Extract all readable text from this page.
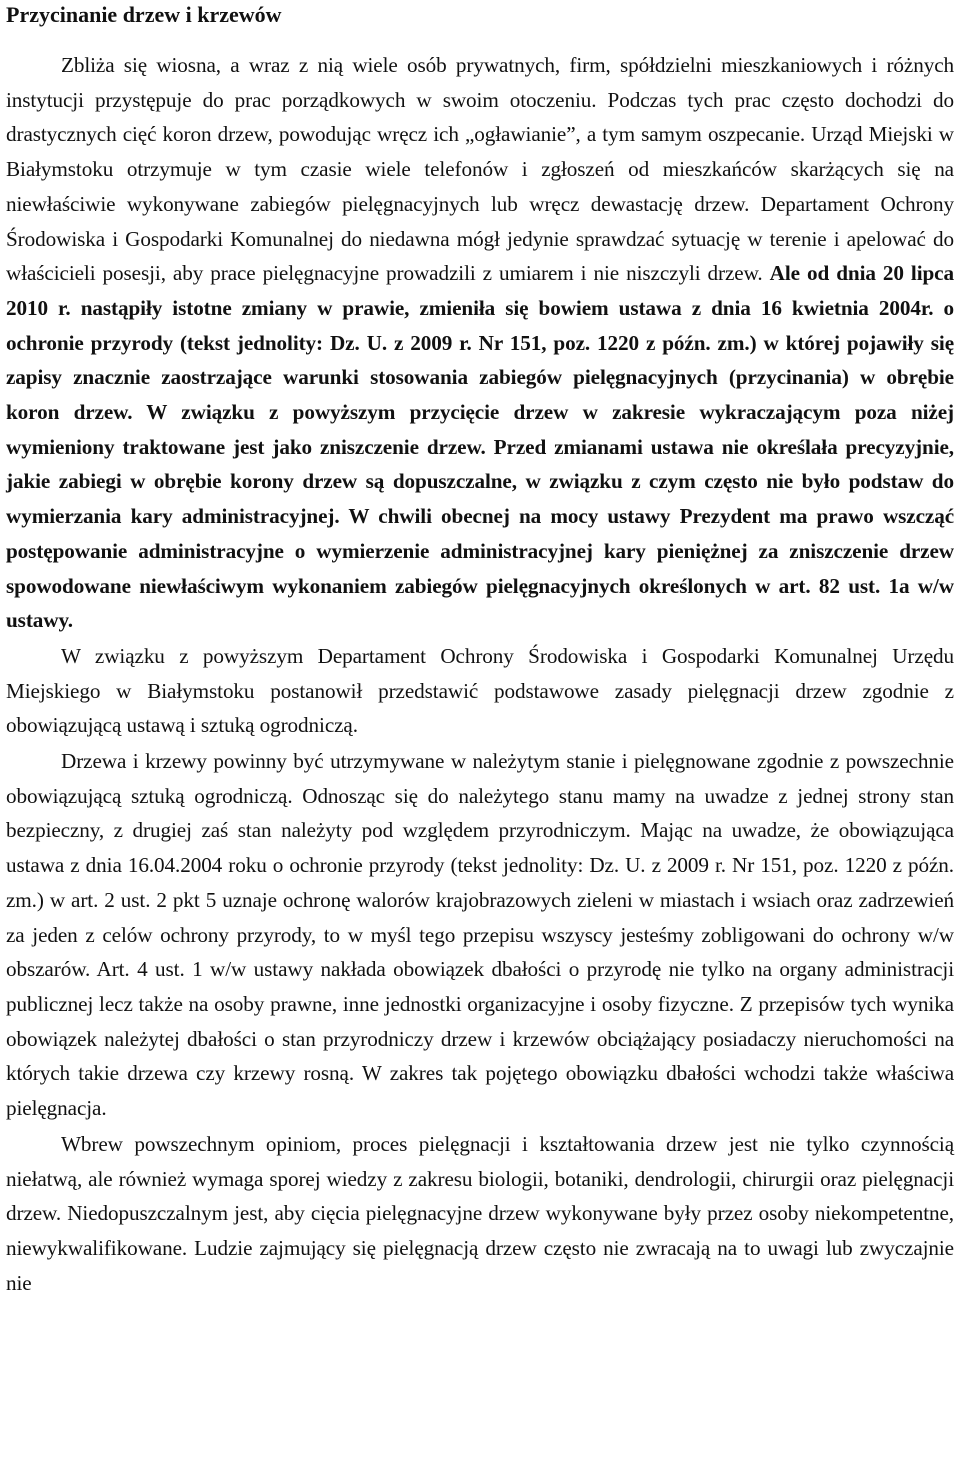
Przycinanie drzew i krzewów

Zbliża się wiosna, a wraz z nią wiele osób prywatnych, firm, spółdzielni mieszkaniowych i różnych instytucji przystępuje do prac porządkowych w swoim otoczeniu. Podczas tych prac często dochodzi do drastycznych cięć koron drzew, powodując wręcz ich „ogławianie”, a tym samym oszpecanie. Urząd Miejski w Białymstoku otrzymuje w tym czasie wiele telefonów i zgłoszeń od mieszkańców skarżących się na niewłaściwie wykonywane zabiegów pielęgnacyjnych lub wręcz dewastację drzew. Departament Ochrony Środowiska i Gospodarki Komunalnej do niedawna mógł jedynie sprawdzać sytuację w terenie i apelować do właścicieli posesji, aby prace pielęgnacyjne prowadzili z umiarem i nie niszczyli drzew. Ale od dnia 20 lipca 2010 r. nastąpiły istotne zmiany w prawie, zmieniła się bowiem ustawa z dnia 16 kwietnia 2004r. o ochronie przyrody (tekst jednolity: Dz. U. z 2009 r. Nr 151, poz. 1220 z późn. zm.) w której pojawiły się zapisy znacznie zaostrzające warunki stosowania zabiegów pielęgnacyjnych (przycinania) w obrębie koron drzew. W związku z powyższym przycięcie drzew w zakresie wykraczającym poza niżej wymieniony traktowane jest jako zniszczenie drzew. Przed zmianami ustawa nie określała precyzyjnie, jakie zabiegi w obrębie korony drzew są dopuszczalne, w związku z czym często nie było podstaw do wymierzania kary administracyjnej. W chwili obecnej na mocy ustawy Prezydent ma prawo wszcząć postępowanie administracyjne o wymierzenie administracyjnej kary pieniężnej za zniszczenie drzew spowodowane niewłaściwym wykonaniem zabiegów pielęgnacyjnych określonych w art. 82 ust. 1a w/w ustawy.

W związku z powyższym Departament Ochrony Środowiska i Gospodarki Komunalnej Urzędu Miejskiego w Białymstoku postanowił przedstawić podstawowe zasady pielęgnacji drzew zgodnie z obowiązującą ustawą i sztuką ogrodniczą.

Drzewa i krzewy powinny być utrzymywane w należytym stanie i pielęgnowane zgodnie z powszechnie obowiązującą sztuką ogrodniczą. Odnosząc się do należytego stanu mamy na uwadze z jednej strony stan bezpieczny, z drugiej zaś stan należyty pod względem przyrodniczym. Mając na uwadze, że obowiązująca ustawa z dnia 16.04.2004 roku o ochronie przyrody (tekst jednolity: Dz. U. z 2009 r. Nr 151, poz. 1220 z późn. zm.) w art. 2 ust. 2 pkt 5 uznaje ochronę walorów krajobrazowych zieleni w miastach i wsiach oraz zadrzewień za jeden z celów ochrony przyrody, to w myśl tego przepisu wszyscy jesteśmy zobligowani do ochrony w/w obszarów. Art. 4 ust. 1 w/w ustawy nakłada obowiązek dbałości o przyrodę nie tylko na organy administracji publicznej lecz także na osoby prawne, inne jednostki organizacyjne i osoby fizyczne. Z przepisów tych wynika obowiązek należytej dbałości o stan przyrodniczy drzew i krzewów obciążający posiadaczy nieruchomości na których takie drzewa czy krzewy rosną. W zakres tak pojętego obowiązku dbałości wchodzi także właściwa pielęgnacja.

Wbrew powszechnym opiniom, proces pielęgnacji i kształtowania drzew jest nie tylko czynnością niełatwą, ale również wymaga sporej wiedzy z zakresu biologii, botaniki, dendrologii, chirurgii oraz pielęgnacji drzew. Niedopuszczalnym jest, aby cięcia pielęgnacyjne drzew wykonywane były przez osoby niekompetentne, niewykwalifikowane. Ludzie zajmujący się pielęgnacją drzew często nie zwracają na to uwagi lub zwyczajnie nie
